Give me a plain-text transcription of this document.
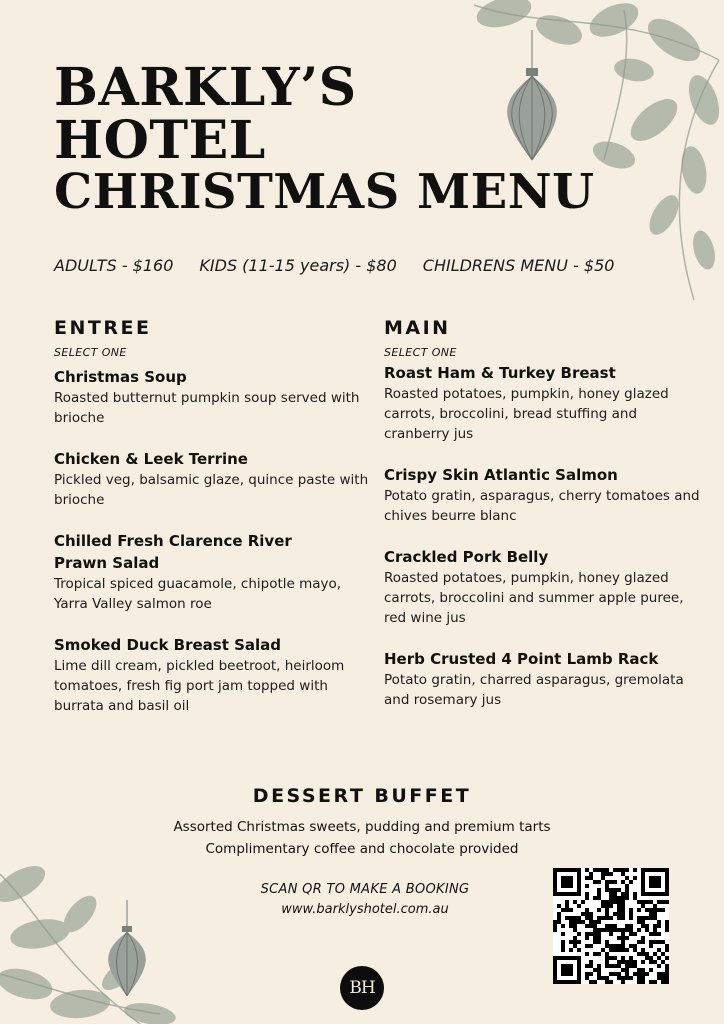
BARKLY’S
HOTEL
CHRISTMAS MENU
ADULTS - $160 KIDS (11-15 years) - $80 CHILDRENS MENU - $50
ENTREE
SELECT ONE
Christmas Soup
Roasted butternut pumpkin soup served with brioche
Chicken & Leek Terrine
Pickled veg, balsamic glaze, quince paste with brioche
Chilled Fresh Clarence River Prawn Salad
Tropical spiced guacamole, chipotle mayo, Yarra Valley salmon roe
Smoked Duck Breast Salad
Lime dill cream, pickled beetroot, heirloom tomatoes, fresh fig port jam topped with burrata and basil oil
MAIN
SELECT ONE
Roast Ham & Turkey Breast
Roasted potatoes, pumpkin, honey glazed carrots, broccolini, bread stuffing and cranberry jus
Crispy Skin Atlantic Salmon
Potato gratin, asparagus, cherry tomatoes and chives beurre blanc
Crackled Pork Belly
Roasted potatoes, pumpkin, honey glazed carrots, broccolini and summer apple puree, red wine jus
Herb Crusted 4 Point Lamb Rack
Potato gratin, charred asparagus, gremolata and rosemary jus
DESSERT BUFFET
Assorted Christmas sweets, pudding and premium tarts
Complimentary coffee and chocolate provided
SCAN QR TO MAKE A BOOKING
www.barklyshotel.com.au
BH
